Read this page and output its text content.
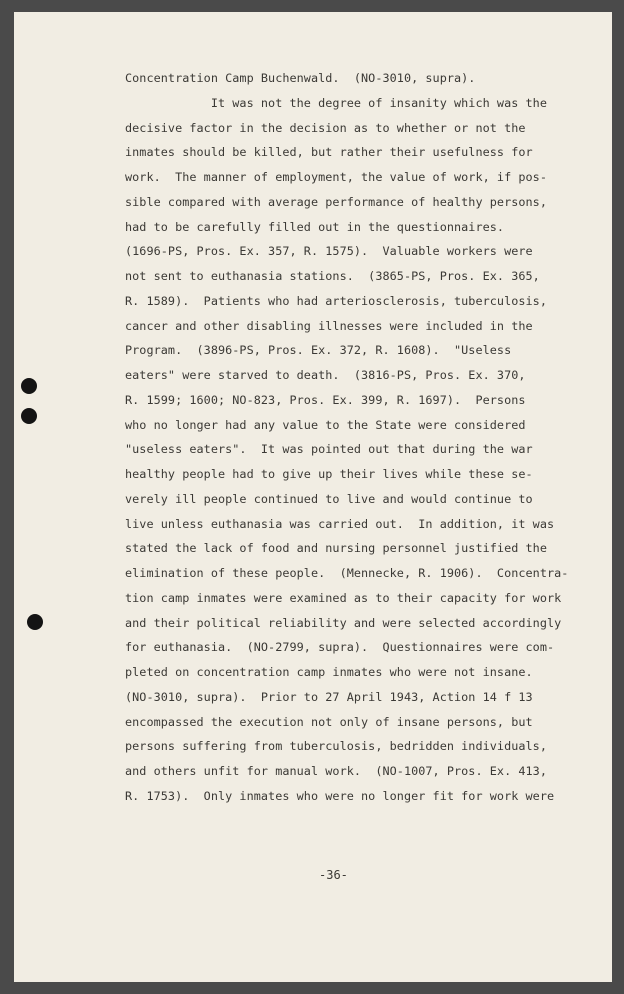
Concentration Camp Buchenwald.  (NO-3010, supra).
It was not the degree of insanity which was the
decisive factor in the decision as to whether or not the
inmates should be killed, but rather their usefulness for
work.  The manner of employment, the value of work, if pos-
sible compared with average performance of healthy persons,
had to be carefully filled out in the questionnaires.
(1696-PS, Pros. Ex. 357, R. 1575).  Valuable workers were
not sent to euthanasia stations.  (3865-PS, Pros. Ex. 365,
R. 1589).  Patients who had arteriosclerosis, tuberculosis,
cancer and other disabling illnesses were included in the
Program.  (3896-PS, Pros. Ex. 372, R. 1608).  "Useless
eaters" were starved to death.  (3816-PS, Pros. Ex. 370,
R. 1599; 1600; NO-823, Pros. Ex. 399, R. 1697).  Persons
who no longer had any value to the State were considered
"useless eaters".  It was pointed out that during the war
healthy people had to give up their lives while these se-
verely ill people continued to live and would continue to
live unless euthanasia was carried out.  In addition, it was
stated the lack of food and nursing personnel justified the
elimination of these people.  (Mennecke, R. 1906).  Concentra-
tion camp inmates were examined as to their capacity for work
and their political reliability and were selected accordingly
for euthanasia.  (NO-2799, supra).  Questionnaires were com-
pleted on concentration camp inmates who were not insane.
(NO-3010, supra).  Prior to 27 April 1943, Action 14 f 13
encompassed the execution not only of insane persons, but
persons suffering from tuberculosis, bedridden individuals,
and others unfit for manual work.  (NO-1007, Pros. Ex. 413,
R. 1753).  Only inmates who were no longer fit for work were
-36-
